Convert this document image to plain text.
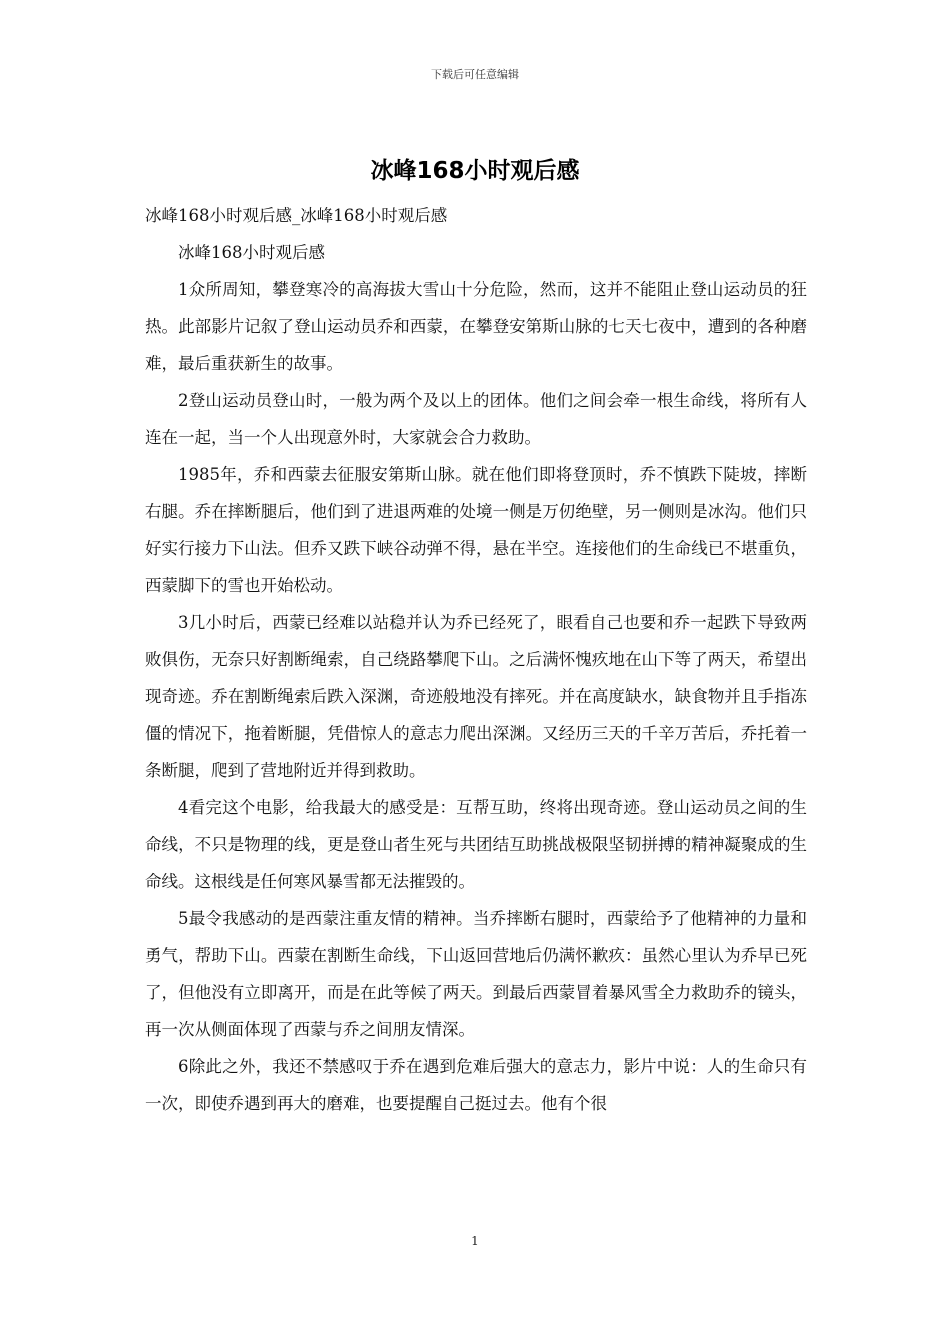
下载后可任意编辑
冰峰168小时观后感

冰峰168小时观后感_冰峰168小时观后感

冰峰168小时观后感

1众所周知，攀登寒冷的高海拔大雪山十分危险，然而，这并不能阻止登山运动员的狂热。此部影片记叙了登山运动员乔和西蒙，在攀登安第斯山脉的七天七夜中，遭到的各种磨难，最后重获新生的故事。

2登山运动员登山时，一般为两个及以上的团体。他们之间会牵一根生命线，将所有人连在一起，当一个人出现意外时，大家就会合力救助。

1985年，乔和西蒙去征服安第斯山脉。就在他们即将登顶时，乔不慎跌下陡坡，摔断右腿。乔在摔断腿后，他们到了进退两难的处境一侧是万仞绝壁，另一侧则是冰沟。他们只好实行接力下山法。但乔又跌下峡谷动弹不得，悬在半空。连接他们的生命线已不堪重负，西蒙脚下的雪也开始松动。

3几小时后，西蒙已经难以站稳并认为乔已经死了，眼看自己也要和乔一起跌下导致两败俱伤，无奈只好割断绳索，自己绕路攀爬下山。之后满怀愧疚地在山下等了两天，希望出现奇迹。乔在割断绳索后跌入深渊，奇迹般地没有摔死。并在高度缺水，缺食物并且手指冻僵的情况下，拖着断腿，凭借惊人的意志力爬出深渊。又经历三天的千辛万苦后，乔托着一条断腿，爬到了营地附近并得到救助。

4看完这个电影，给我最大的感受是：互帮互助，终将出现奇迹。登山运动员之间的生命线，不只是物理的线，更是登山者生死与共团结互助挑战极限坚韧拼搏的精神凝聚成的生命线。这根线是任何寒风暴雪都无法摧毁的。

5最令我感动的是西蒙注重友情的精神。当乔摔断右腿时，西蒙给予了他精神的力量和勇气，帮助下山。西蒙在割断生命线，下山返回营地后仍满怀歉疚：虽然心里认为乔早已死了，但他没有立即离开，而是在此等候了两天。到最后西蒙冒着暴风雪全力救助乔的镜头，再一次从侧面体现了西蒙与乔之间朋友情深。

6除此之外，我还不禁感叹于乔在遇到危难后强大的意志力，影片中说：人的生命只有一次，即使乔遇到再大的磨难，也要提醒自己挺过去。他有个很

1
